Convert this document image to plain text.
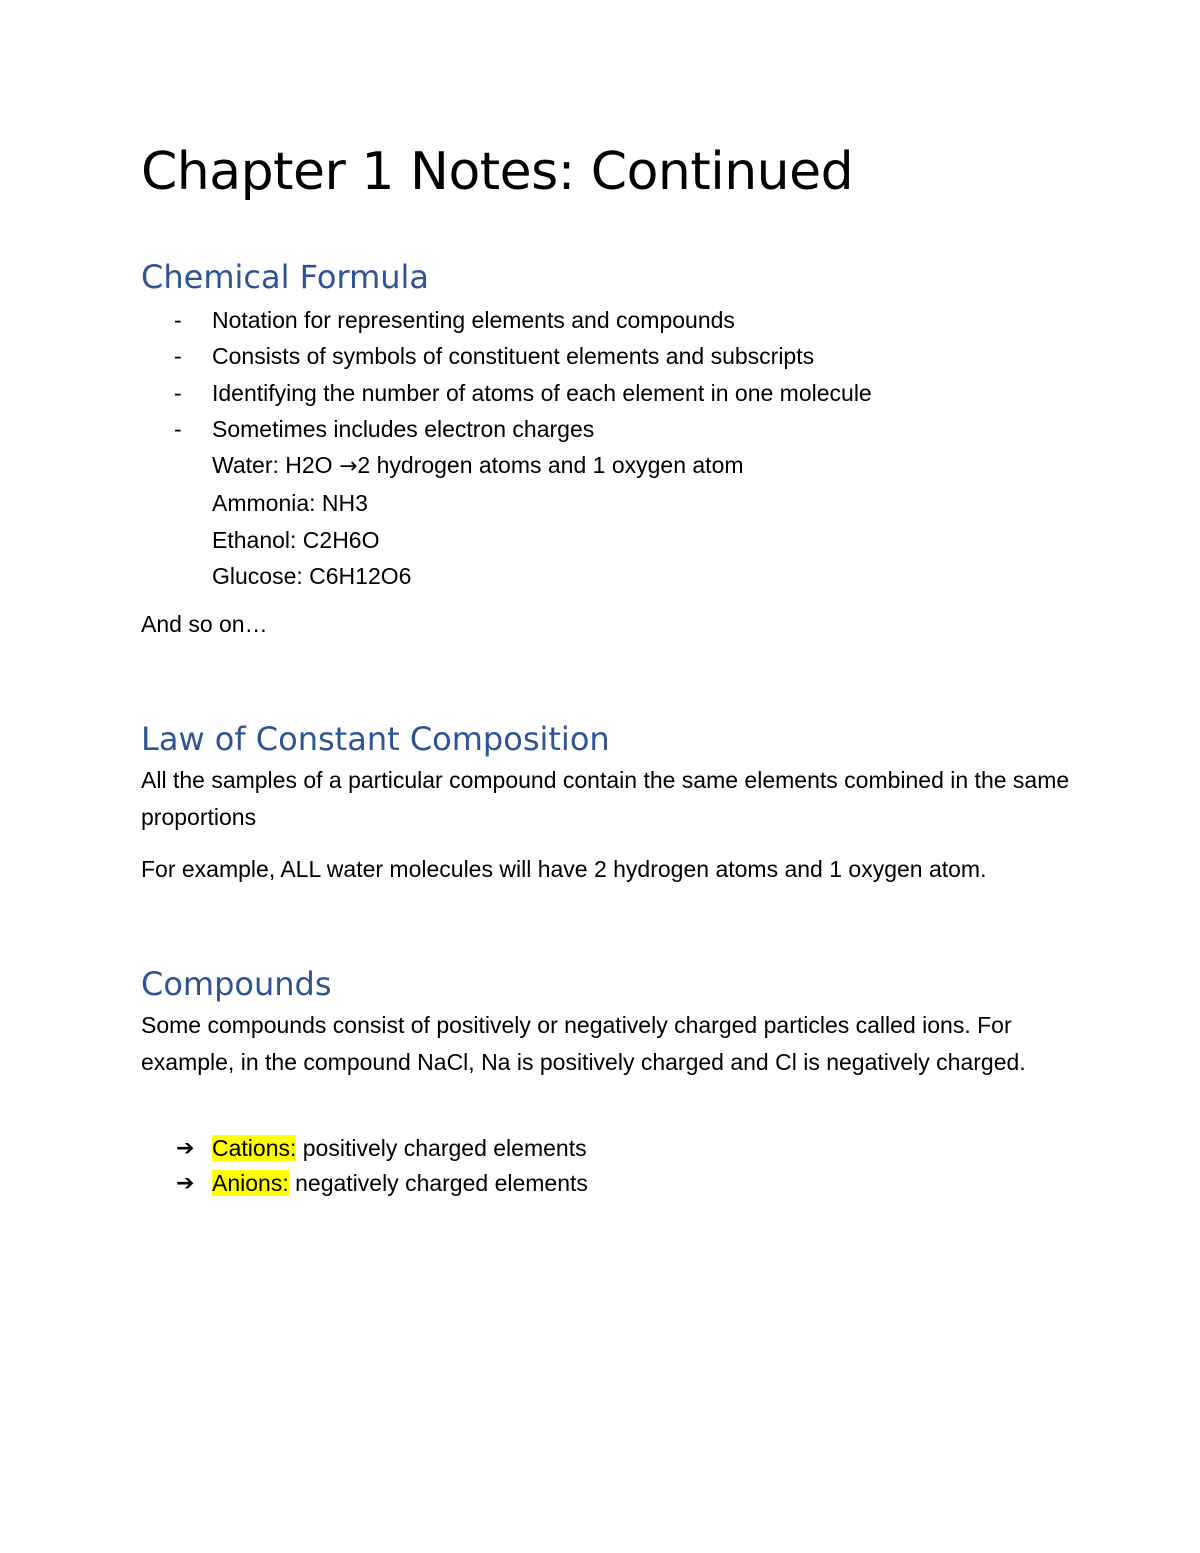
Chapter 1 Notes: Continued
Chemical Formula
- Notation for representing elements and compounds
- Consists of symbols of constituent elements and subscripts
- Identifying the number of atoms of each element in one molecule
- Sometimes includes electron charges
Water: H2O →2 hydrogen atoms and 1 oxygen atom
Ammonia: NH3
Ethanol: C2H6O
Glucose: C6H12O6

And so on…

Law of Constant Composition

All the samples of a particular compound contain the same elements combined in the same proportions

For example, ALL water molecules will have 2 hydrogen atoms and 1 oxygen atom.

Compounds

Some compounds consist of positively or negatively charged particles called ions. For example, in the compound NaCl, Na is positively charged and Cl is negatively charged.

➔ Cations: positively charged elements
➔ Anions: negatively charged elements
